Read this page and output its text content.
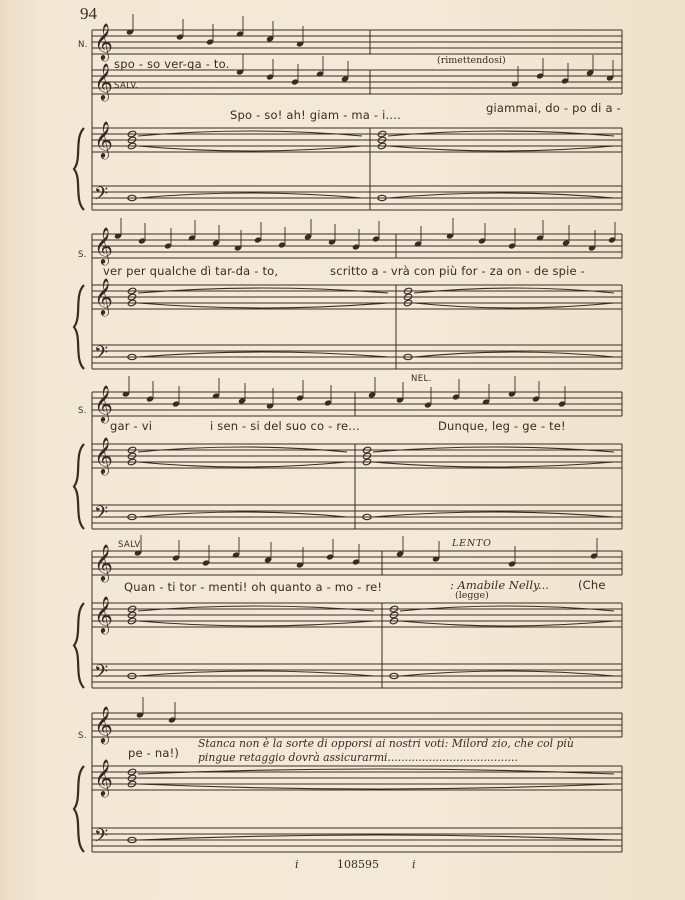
𝄞
𝄞
𝄞
𝄢
𝄞
𝄞
𝄢
𝄞
𝄞
𝄢
𝄞
𝄞
𝄢
𝄞
𝄞
𝄢
94
N.
SALV.
spo - so ver-ga - to.	(rimettendosi)
Spo - so! ah! giam - ma - i....	giammai, do - po di a -
S.
ver per qualche dì tar-da - to,	scritto a - vrà con più for - za on - de spie -
S.
NEL.
gar - vi	i sen - si del suo co - re...	Dunque, leg - ge - te!
SALV.	LENTO
Quan - ti tor - menti! oh quanto a - mo - re!	: Amabile Nelly...	(Che
(legge)
S.
pe - na!)
Stanca non è la sorte di opporsi ai nostri voti: Milord zio, che col più
pingue retaggio dovrà assicurarmi......................................
i	108595	i
